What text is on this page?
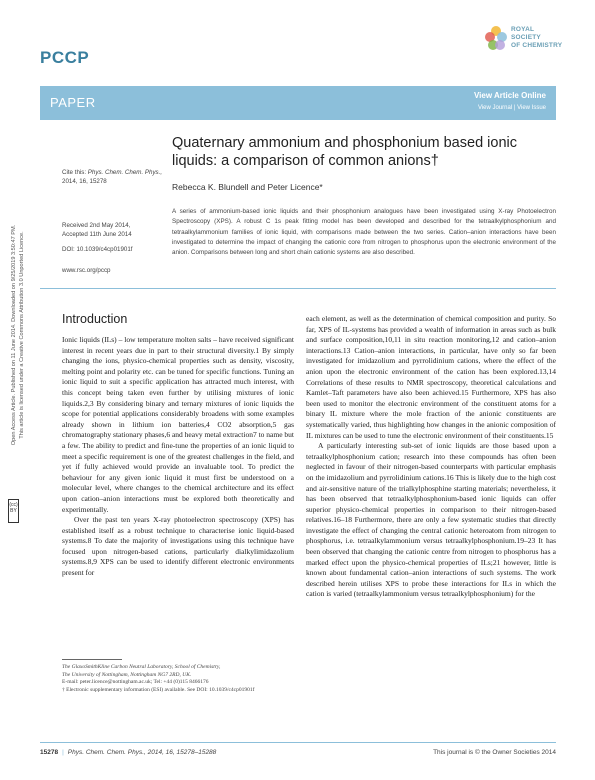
PCCP
ROYAL SOCIETY
OF CHEMISTRY
PAPER	View Article Online
View Journal | View Issue
Open Access Article. Published on 11 June 2014. Downloaded on 9/25/2019 3:50:47 PM. This article is licensed under a Creative Commons Attribution 3.0 Unported Licence.
(cc) BY
Quaternary ammonium and phosphonium based ionic liquids: a comparison of common anions†
Rebecca K. Blundell and Peter Licence*
Cite this: Phys. Chem. Chem. Phys.,
2014, 16, 15278
Received 2nd May 2014,
Accepted 11th June 2014
DOI: 10.1039/c4cp01901f
www.rsc.org/pccp
A series of ammonium-based ionic liquids and their phosphonium analogues have been investigated using X-ray Photoelectron Spectroscopy (XPS). A robust C 1s peak fitting model has been developed and described for the tetraalkylphosphonium and tetraalkylammonium families of ionic liquid, with comparisons made between the two series. Cation–anion interactions have been investigated to determine the impact of changing the cationic core from nitrogen to phosphorus upon the electronic environment of the anion. Comparisons between long and short chain cationic systems are also described.
Introduction

Ionic liquids (ILs) – low temperature molten salts – have received significant interest in recent years due in part to their structural diversity.1 By simply changing the ions, physico-chemical properties such as density, viscosity, melting point and polarity etc. can be tuned for specific functions. Tuning an ionic liquid to suit a specific application has attracted much interest, with this concept being taken even further by utilising mixtures of ionic liquids.2,3 By considering binary and ternary mixtures of ionic liquids the scope for potential applications considerably broadens with some examples already shown in lithium ion batteries,4 CO2 absorption,5 gas chromatography stationary phases,6 and heavy metal extraction7 to name but a few. The ability to predict and fine-tune the properties of an ionic liquid to meet a specific requirement is one of the greatest challenges in the field, and yet if fully achieved would provide an invaluable tool. To predict the behaviour for any given ionic liquid it must first be understood on a molecular level, where changes to the chemical architecture and its effect upon cation–anion interactions must be explored both theoretically and experimentally.

Over the past ten years X-ray photoelectron spectroscopy (XPS) has established itself as a robust technique to characterise ionic liquid-based systems.8 To date the majority of investigations using this technique have focused upon nitrogen-based cations, particularly dialkylimidazolium systems.8,9 XPS can be used to identify different electronic environments present for

each element, as well as the determination of chemical composition and purity. So far, XPS of IL-systems has provided a wealth of information in areas such as bulk and surface composition,10,11 in situ reaction monitoring,12 and cation–anion interactions.13 Cation–anion interactions, in particular, have only so far been investigated for imidazolium and pyrrolidinium cations, where the effect of the anion upon the electronic environment of the cation has been explored.13,14 Correlations of these results to NMR spectroscopy, theoretical calculations and Kamlet–Taft parameters have also been achieved.15 Furthermore, XPS has also been used to monitor the electronic environment of the constituent atoms for a binary IL mixture where the mole fraction of the anionic constituents are systematically varied, thus highlighting how changes in the anionic composition of IL mixtures can be used to tune the electronic environment of their constituents.15

A particularly interesting sub-set of ionic liquids are those based upon a tetraalkylphosphonium cation; research into these compounds has often been neglected in favour of their nitrogen-based counterparts with particular emphasis on the imidazolium and pyrrolidinium cations.16 This is likely due to the high cost and air-sensitive nature of the trialkylphosphine starting materials; nevertheless, it has been observed that tetraalkylphosphonium-based ionic liquids can offer superior physico-chemical properties in comparison to their nitrogen-based relatives.16–18 Furthermore, there are only a few systematic studies that directly investigate the effect of changing the central cationic heteroatom from nitrogen to phosphorus, i.e. tetraalkylammonium versus tetraalkylphosphonium.19–23 It has been observed that changing the cationic centre from nitrogen to phosphorus has a marked effect upon the physico-chemical properties of ILs;21 however, little is known about fundamental cation–anion interactions of such systems. The work described herein utilises XPS to probe these interactions for ILs in which the cation is varied (tetraalkylammonium versus tetraalkylphosphonium) for the

The GlaxoSmithKline Carbon Neutral Laboratory, School of Chemistry,
The University of Nottingham, Nottingham NG7 2RD, UK.
E-mail: peter.licence@nottingham.ac.uk; Tel: +44 (0)115 8466176
† Electronic supplementary information (ESI) available. See DOI: 10.1039/c4cp01901f
15278 | Phys. Chem. Chem. Phys., 2014, 16, 15278–15288	This journal is © the Owner Societies 2014
